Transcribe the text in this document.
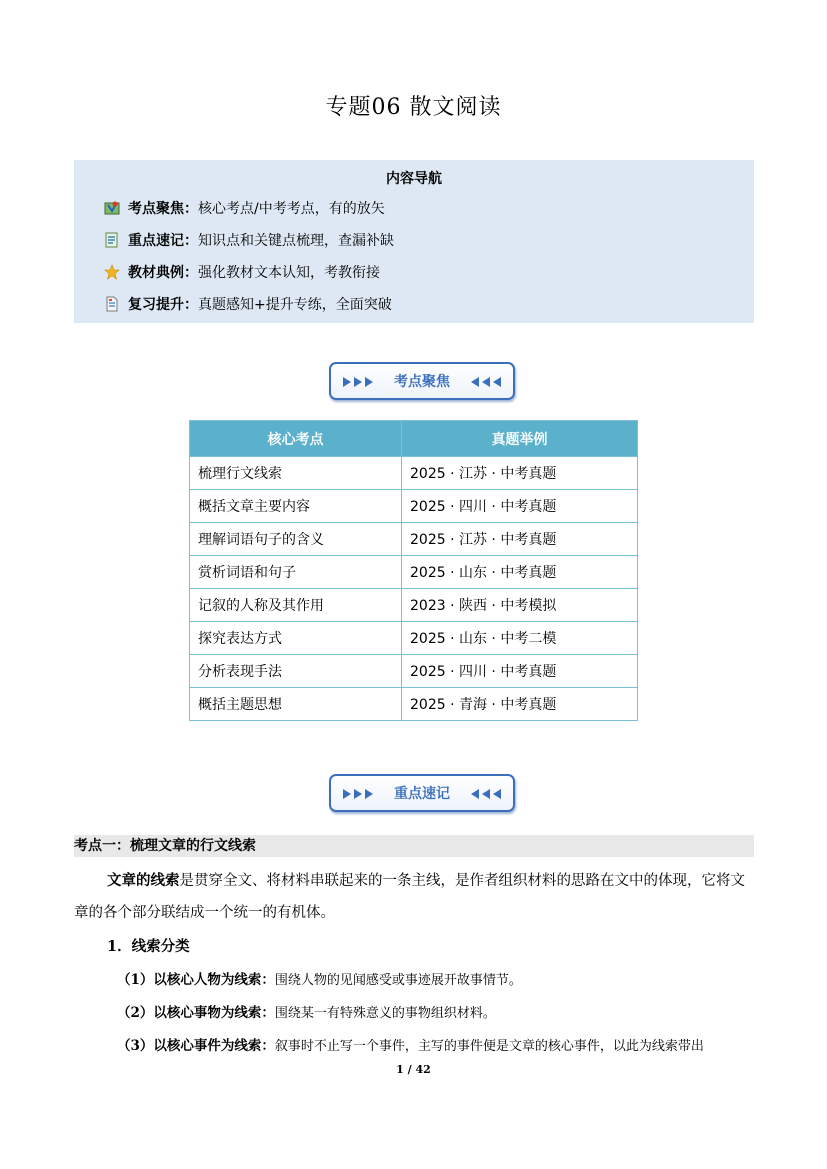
专题06 散文阅读
内容导航
考点聚焦：核心考点/中考考点，有的放矢
重点速记：知识点和关键点梳理，查漏补缺
教材典例：强化教材文本认知，考教衔接
复习提升：真题感知+提升专练，全面突破
考点聚焦
核心考点	真题举例
梳理行文线索	2025 · 江苏 · 中考真题
概括文章主要内容	2025 · 四川 · 中考真题
理解词语句子的含义	2025 · 江苏 · 中考真题
赏析词语和句子	2025 · 山东 · 中考真题
记叙的人称及其作用	2023 · 陕西 · 中考模拟
探究表达方式	2025 · 山东 · 中考二模
分析表现手法	2025 · 四川 · 中考真题
概括主题思想	2025 · 青海 · 中考真题
重点速记
考点一：梳理文章的行文线索
文章的线索是贯穿全文、将材料串联起来的一条主线，是作者组织材料的思路在文中的体现，它将文
章的各个部分联结成一个统一的有机体。
1．线索分类
（1）以核心人物为线索：围绕人物的见闻感受或事迹展开故事情节。
（2）以核心事物为线索：围绕某一有特殊意义的事物组织材料。
（3）以核心事件为线索：叙事时不止写一个事件，主写的事件便是文章的核心事件，以此为线索带出
1 / 42
